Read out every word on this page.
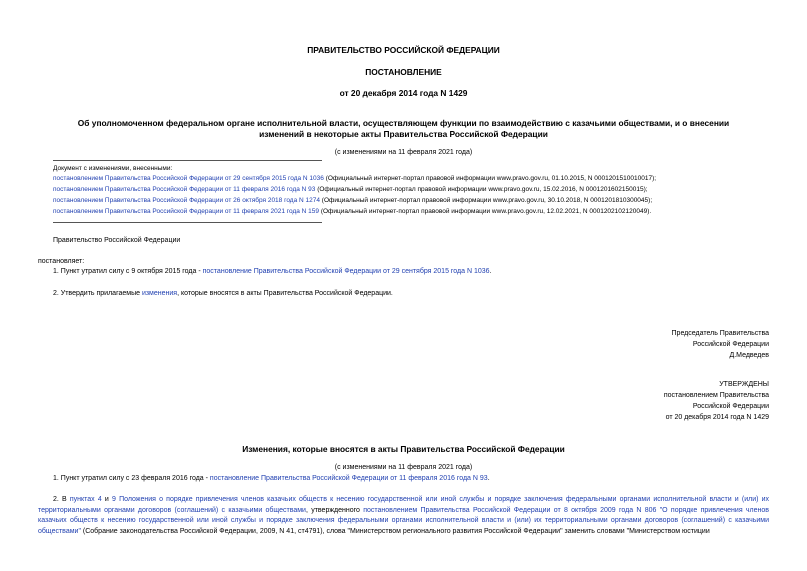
ПРАВИТЕЛЬСТВО РОССИЙСКОЙ ФЕДЕРАЦИИ
ПОСТАНОВЛЕНИЕ
от 20 декабря 2014 года N 1429
Об уполномоченном федеральном органе исполнительной власти, осуществляющем функции по взаимодействию с казачьими обществами, и о внесении
изменений в некоторые акты Правительства Российской Федерации
(с изменениями на 11 февраля 2021 года)
Документ с изменениями, внесенными:
постановлением Правительства Российской Федерации от 29 сентября 2015 года N 1036 (Официальный интернет-портал правовой информации www.pravo.gov.ru, 01.10.2015, N 0001201510010017);
постановлением Правительства Российской Федерации от 11 февраля 2016 года N 93 (Официальный интернет-портал правовой информации www.pravo.gov.ru, 15.02.2016, N 0001201602150015);
постановлением Правительства Российской Федерации от 26 октября 2018 года N 1274 (Официальный интернет-портал правовой информации www.pravo.gov.ru, 30.10.2018, N 0001201810300045);
постановлением Правительства Российской Федерации от 11 февраля 2021 года N 159 (Официальный интернет-портал правовой информации www.pravo.gov.ru, 12.02.2021, N 0001202102120049).
Правительство Российской Федерации
постановляет:
1. Пункт утратил силу с 9 октября 2015 года - постановление Правительства Российской Федерации от 29 сентября 2015 года N 1036.
2. Утвердить прилагаемые изменения, которые вносятся в акты Правительства Российской Федерации.
Председатель Правительства
Российской Федерации
Д.Медведев
УТВЕРЖДЕНЫ
постановлением Правительства
Российской Федерации
от 20 декабря 2014 года N 1429
Изменения, которые вносятся в акты Правительства Российской Федерации
(с изменениями на 11 февраля 2021 года)
1. Пункт утратил силу с 23 февраля 2016 года - постановление Правительства Российской Федерации от 11 февраля 2016 года N 93.
2. В пунктах 4 и 9 Положения о порядке привлечения членов казачьих обществ к несению государственной или иной службы и порядке заключения федеральными органами исполнительной власти и (или) их территориальными органами договоров (соглашений) с казачьими обществами, утвержденного постановлением Правительства Российской Федерации от 8 октября 2009 года N 806 "О порядке привлечения членов казачьих обществ к несению государственной или иной службы и порядке заключения федеральными органами исполнительной власти и (или) их территориальными органами договоров (соглашений) с казачьими обществами" (Собрание законодательства Российской Федерации, 2009, N 41, ст4791), слова "Министерством регионального развития Российской Федерации" заменить словами "Министерством юстиции
